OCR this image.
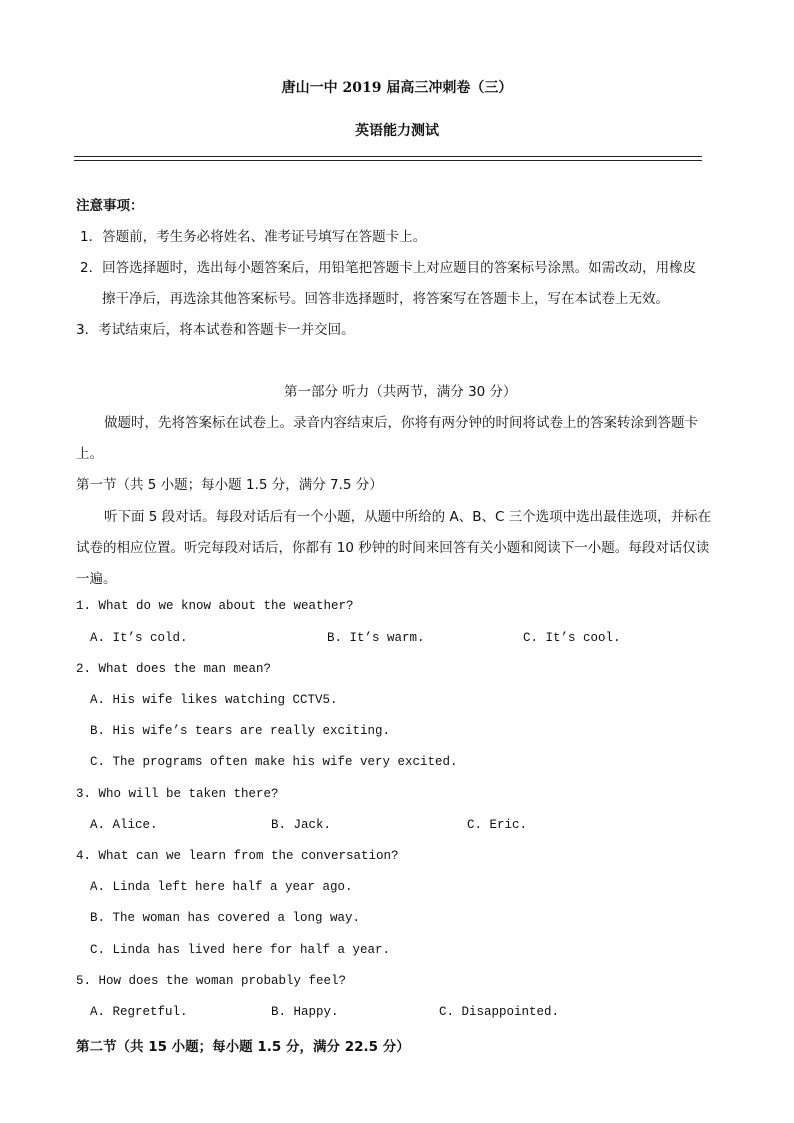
唐山一中 2019 届高三冲刺卷（三）
英语能力测试
注意事项：
1．答题前，考生务必将姓名、准考证号填写在答题卡上。
2．回答选择题时，选出每小题答案后，用铅笔把答题卡上对应题目的答案标号涂黑。如需改动，用橡皮
擦干净后，再选涂其他答案标号。回答非选择题时，将答案写在答题卡上，写在本试卷上无效。
3．考试结束后，将本试卷和答题卡一并交回。
第一部分 听力（共两节，满分 30 分）
做题时，先将答案标在试卷上。录音内容结束后，你将有两分钟的时间将试卷上的答案转涂到答题卡
上。
第一节（共 5 小题；每小题 1.5 分，满分 7.5 分）
听下面 5 段对话。每段对话后有一个小题，从题中所给的 A、B、C 三个选项中选出最佳选项，并标在
试卷的相应位置。听完每段对话后，你都有 10 秒钟的时间来回答有关小题和阅读下一小题。每段对话仅读
一遍。
1. What do we know about the weather?
A. It’s cold.	B. It’s warm.	C. It’s cool.
2. What does the man mean?
A. His wife likes watching CCTV5.
B. His wife’s tears are really exciting.
C. The programs often make his wife very excited.
3. Who will be taken there?
A. Alice.	B. Jack.	C. Eric.
4. What can we learn from the conversation?
A. Linda left here half a year ago.
B. The woman has covered a long way.
C. Linda has lived here for half a year.
5. How does the woman probably feel?
A. Regretful.	B. Happy.	C. Disappointed.
第二节（共 15 小题；每小题 1.5 分，满分 22.5 分）
